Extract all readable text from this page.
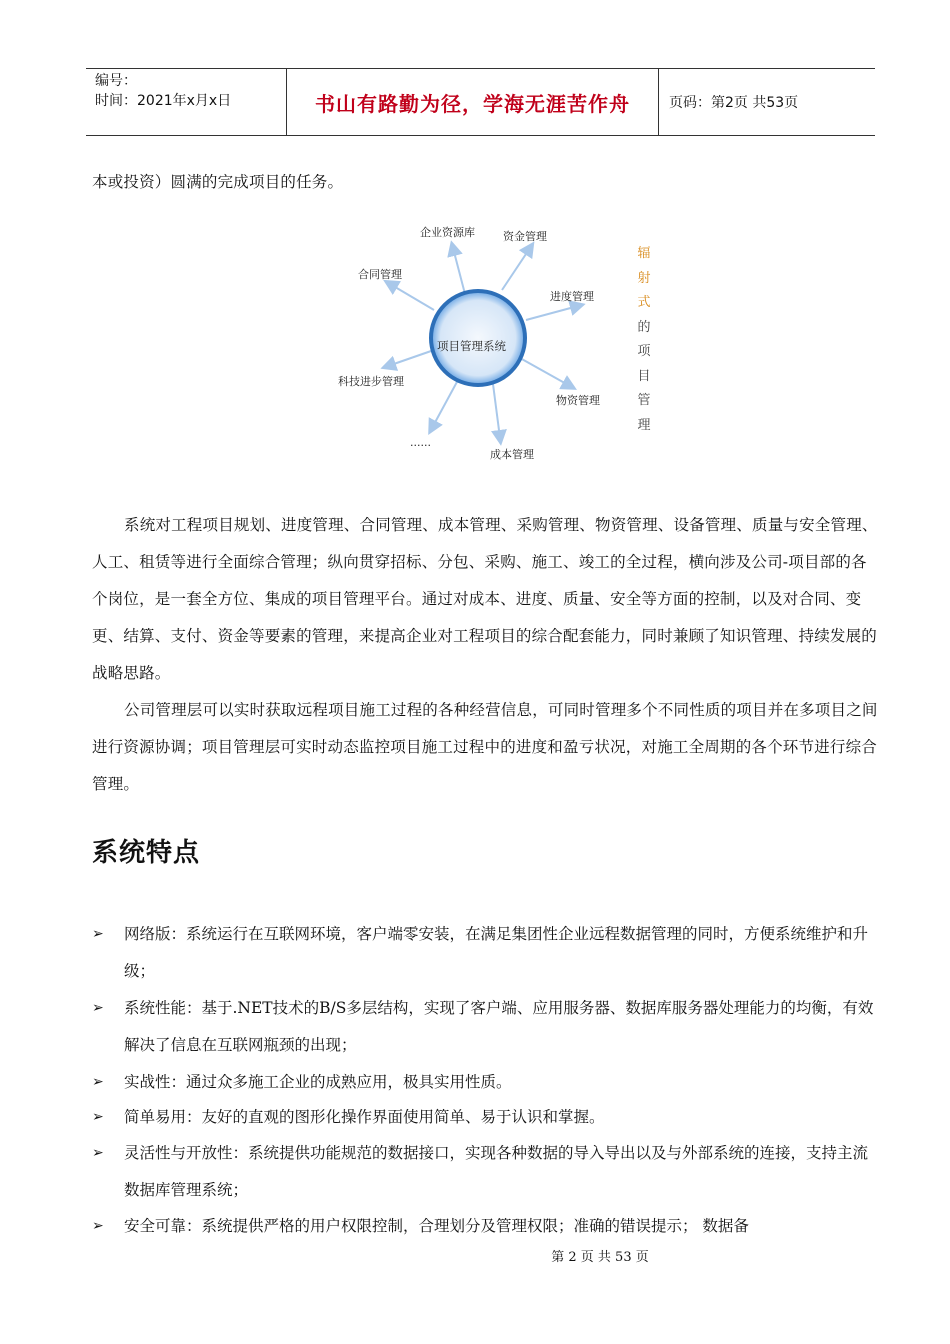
编号：
时间：2021年x月x日	书山有路勤为径，学海无涯苦作舟	页码：第2页 共53页
本或投资）圆满的完成项目的任务。
项目管理系统
企业资源库	资金管理
合同管理
进度管理
科技进步管理
物资管理
......
成本管理
辐
射
式
的
项
目
管
理
系统对工程项目规划、进度管理、合同管理、成本管理、采购管理、物资管理、设备管理、质量与安全管理、人工、租赁等进行全面综合管理；纵向贯穿招标、分包、采购、施工、竣工的全过程，横向涉及公司-项目部的各个岗位，是一套全方位、集成的项目管理平台。通过对成本、进度、质量、安全等方面的控制，以及对合同、变更、结算、支付、资金等要素的管理，来提高企业对工程项目的综合配套能力，同时兼顾了知识管理、持续发展的战略思路。
公司管理层可以实时获取远程项目施工过程的各种经营信息，可同时管理多个不同性质的项目并在多项目之间进行资源协调；项目管理层可实时动态监控项目施工过程中的进度和盈亏状况，对施工全周期的各个环节进行综合管理。
系统特点
➢	网络版：系统运行在互联网环境，客户端零安装，在满足集团性企业远程数据管理的同时，方便系统维护和升级；
➢	系统性能：基于.NET技术的B/S多层结构，实现了客户端、应用服务器、数据库服务器处理能力的均衡，有效解决了信息在互联网瓶颈的出现；
➢	实战性：通过众多施工企业的成熟应用，极具实用性质。
➢	简单易用：友好的直观的图形化操作界面使用简单、易于认识和掌握。
➢	灵活性与开放性：系统提供功能规范的数据接口，实现各种数据的导入导出以及与外部系统的连接，支持主流数据库管理系统；
➢	安全可靠：系统提供严格的用户权限控制，合理划分及管理权限；准确的错误提示； 数据备
第 2 页 共 53 页
